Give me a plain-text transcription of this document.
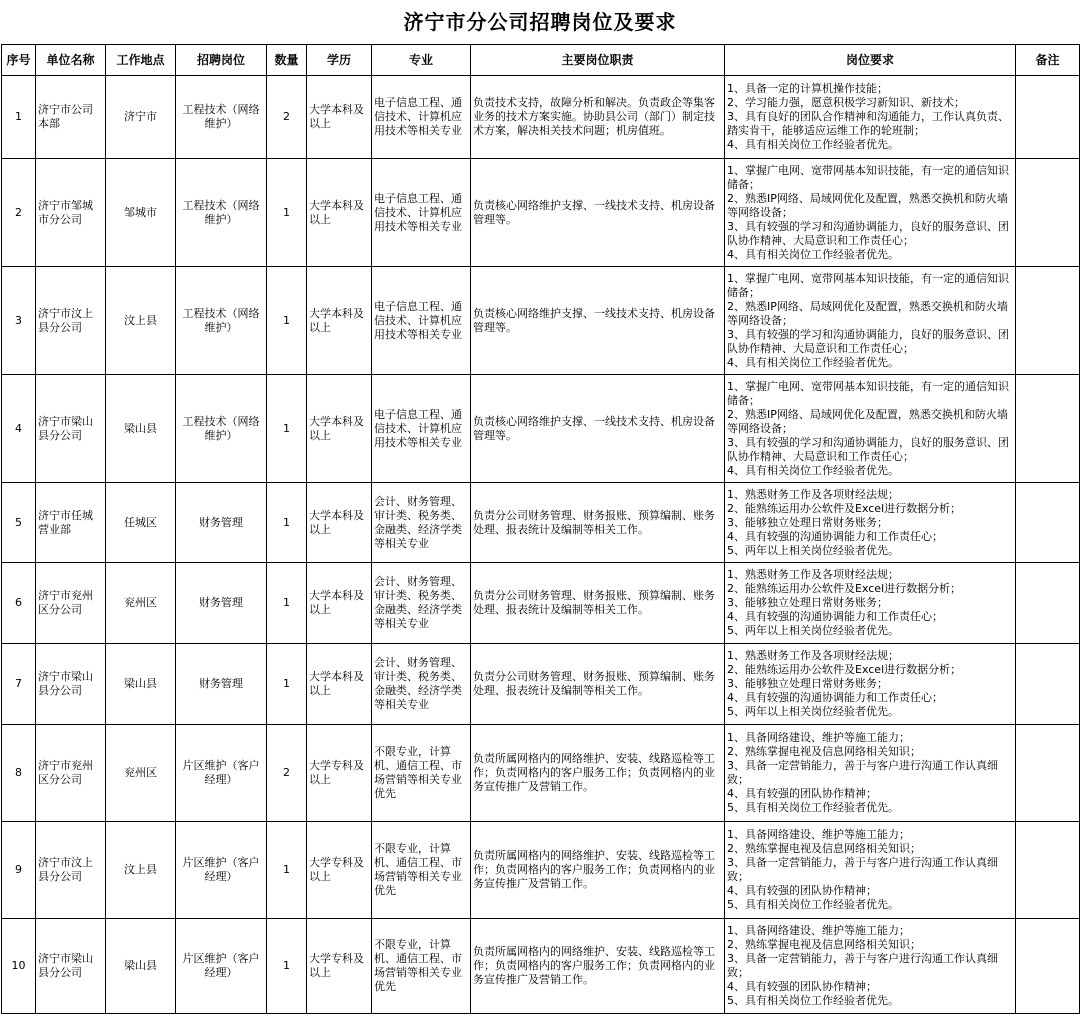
济宁市分公司招聘岗位及要求
序号	单位名称	工作地点	招聘岗位	数量	学历	专业	主要岗位职责	岗位要求	备注
1	济宁市公司本部	济宁市	工程技术（网络维护）	2	大学本科及以上	电子信息工程、通信技术、计算机应用技术等相关专业	负责技术支持，故障分析和解决。负责政企等集客业务的技术方案实施。协助县公司（部门）制定技术方案，解决相关技术问题；机房值班。	1、具备一定的计算机操作技能；
2、学习能力强，愿意积极学习新知识、新技术；
3、具有良好的团队合作精神和沟通能力，工作认真负责、踏实肯干，能够适应运维工作的轮班制；
4、具有相关岗位工作经验者优先。	

2	济宁市邹城市分公司	邹城市	工程技术（网络维护）	1	大学本科及以上	电子信息工程、通信技术、计算机应用技术等相关专业	负责核心网络维护支撑、一线技术支持、机房设备管理等。	1、掌握广电网、宽带网基本知识技能，有一定的通信知识储备；
2、熟悉IP网络、局域网优化及配置，熟悉交换机和防火墙等网络设备；
3、具有较强的学习和沟通协调能力，良好的服务意识、团队协作精神、大局意识和工作责任心；
4、具有相关岗位工作经验者优先。	

3	济宁市汶上县分公司	汶上县	工程技术（网络维护）	1	大学本科及以上	电子信息工程、通信技术、计算机应用技术等相关专业	负责核心网络维护支撑、一线技术支持、机房设备管理等。	1、掌握广电网、宽带网基本知识技能，有一定的通信知识储备；
2、熟悉IP网络、局域网优化及配置，熟悉交换机和防火墙等网络设备；
3、具有较强的学习和沟通协调能力，良好的服务意识、团队协作精神、大局意识和工作责任心；
4、具有相关岗位工作经验者优先。	

4	济宁市梁山县分公司	梁山县	工程技术（网络维护）	1	大学本科及以上	电子信息工程、通信技术、计算机应用技术等相关专业	负责核心网络维护支撑、一线技术支持、机房设备管理等。	1、掌握广电网、宽带网基本知识技能，有一定的通信知识储备；
2、熟悉IP网络、局域网优化及配置，熟悉交换机和防火墙等网络设备；
3、具有较强的学习和沟通协调能力，良好的服务意识、团队协作精神、大局意识和工作责任心；
4、具有相关岗位工作经验者优先。	

5	济宁市任城营业部	任城区	财务管理	1	大学本科及以上	会计、财务管理、审计类、税务类、金融类、经济学类等相关专业	负责分公司财务管理、财务报账、预算编制、账务处理、报表统计及编制等相关工作。	1、熟悉财务工作及各项财经法规；
2、能熟练运用办公软件及Excel进行数据分析；
3、能够独立处理日常财务账务；
4、具有较强的沟通协调能力和工作责任心；
5、两年以上相关岗位经验者优先。	

6	济宁市兖州区分公司	兖州区	财务管理	1	大学本科及以上	会计、财务管理、审计类、税务类、金融类、经济学类等相关专业	负责分公司财务管理、财务报账、预算编制、账务处理、报表统计及编制等相关工作。	1、熟悉财务工作及各项财经法规；
2、能熟练运用办公软件及Excel进行数据分析；
3、能够独立处理日常财务账务；
4、具有较强的沟通协调能力和工作责任心；
5、两年以上相关岗位经验者优先。	

7	济宁市梁山县分公司	梁山县	财务管理	1	大学本科及以上	会计、财务管理、审计类、税务类、金融类、经济学类等相关专业	负责分公司财务管理、财务报账、预算编制、账务处理、报表统计及编制等相关工作。	1、熟悉财务工作及各项财经法规；
2、能熟练运用办公软件及Excel进行数据分析；
3、能够独立处理日常财务账务；
4、具有较强的沟通协调能力和工作责任心；
5、两年以上相关岗位经验者优先。	

8	济宁市兖州区分公司	兖州区	片区维护（客户经理）	2	大学专科及以上	不限专业，计算机、通信工程、市场营销等相关专业优先	负责所属网格内的网络维护、安装、线路巡检等工作；负责网格内的客户服务工作；负责网格内的业务宣传推广及营销工作。	1、具备网络建设、维护等施工能力；
2、熟练掌握电视及信息网络相关知识；
3、具备一定营销能力，善于与客户进行沟通工作认真细致；
4、具有较强的团队协作精神；
5、具有相关岗位工作经验者优先。	

9	济宁市汶上县分公司	汶上县	片区维护（客户经理）	1	大学专科及以上	不限专业，计算机、通信工程、市场营销等相关专业优先	负责所属网格内的网络维护、安装、线路巡检等工作；负责网格内的客户服务工作；负责网格内的业务宣传推广及营销工作。	1、具备网络建设、维护等施工能力；
2、熟练掌握电视及信息网络相关知识；
3、具备一定营销能力，善于与客户进行沟通工作认真细致；
4、具有较强的团队协作精神；
5、具有相关岗位工作经验者优先。	

10	济宁市梁山县分公司	梁山县	片区维护（客户经理）	1	大学专科及以上	不限专业，计算机、通信工程、市场营销等相关专业优先	负责所属网格内的网络维护、安装、线路巡检等工作；负责网格内的客户服务工作；负责网格内的业务宣传推广及营销工作。	1、具备网络建设、维护等施工能力；
2、熟练掌握电视及信息网络相关知识；
3、具备一定营销能力，善于与客户进行沟通工作认真细致；
4、具有较强的团队协作精神；
5、具有相关岗位工作经验者优先。	
